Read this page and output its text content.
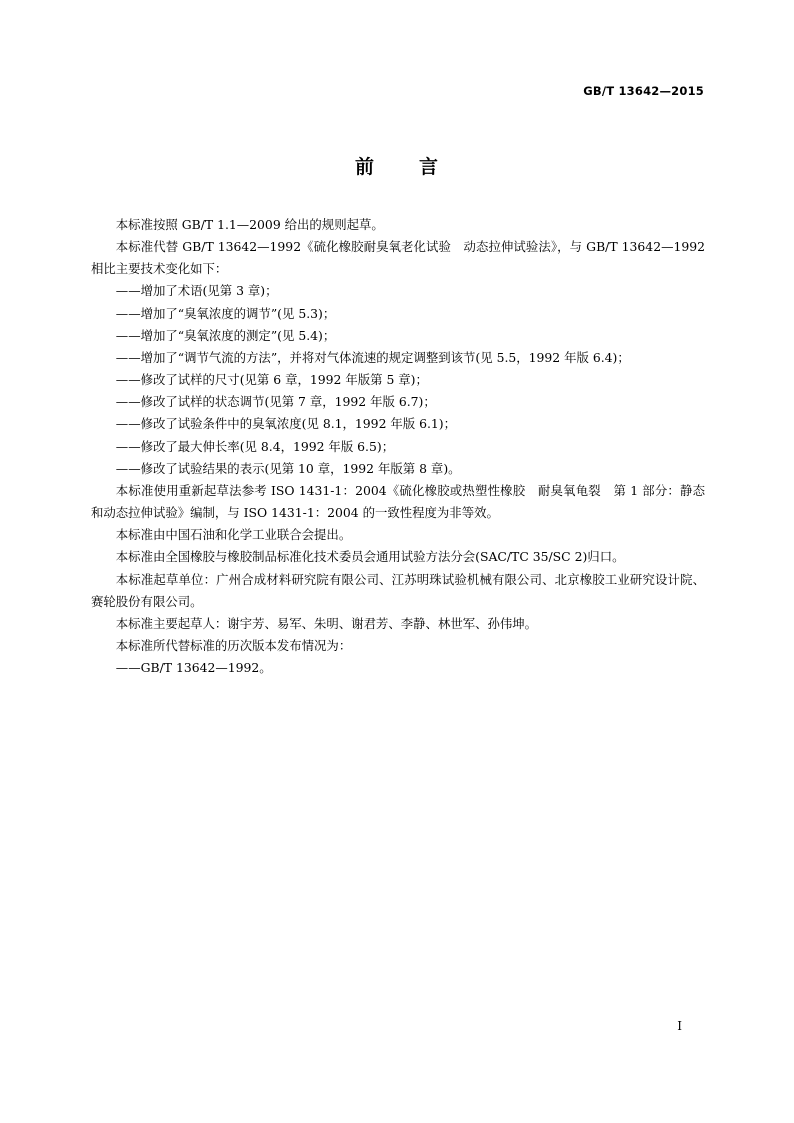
GB/T 13642—2015
前 言

本标准按照 GB/T 1.1—2009 给出的规则起草。

本标准代替 GB/T 13642—1992《硫化橡胶耐臭氧老化试验　动态拉伸试验法》，与 GB/T 13642—1992 相比主要技术变化如下：

——增加了术语(见第 3 章)；

——增加了“臭氧浓度的调节”(见 5.3)；

——增加了“臭氧浓度的测定”(见 5.4)；

——增加了“调节气流的方法”，并将对气体流速的规定调整到该节(见 5.5，1992 年版 6.4)；

——修改了试样的尺寸(见第 6 章，1992 年版第 5 章)；

——修改了试样的状态调节(见第 7 章，1992 年版 6.7)；

——修改了试验条件中的臭氧浓度(见 8.1，1992 年版 6.1)；

——修改了最大伸长率(见 8.4，1992 年版 6.5)；

——修改了试验结果的表示(见第 10 章，1992 年版第 8 章)。

本标准使用重新起草法参考 ISO 1431-1：2004《硫化橡胶或热塑性橡胶　耐臭氧龟裂　第 1 部分：静态和动态拉伸试验》编制，与 ISO 1431-1：2004 的一致性程度为非等效。

本标准由中国石油和化学工业联合会提出。

本标准由全国橡胶与橡胶制品标准化技术委员会通用试验方法分会(SAC/TC 35/SC 2)归口。

本标准起草单位：广州合成材料研究院有限公司、江苏明珠试验机械有限公司、北京橡胶工业研究设计院、赛轮股份有限公司。

本标准主要起草人：谢宇芳、易军、朱明、谢君芳、李静、林世军、孙伟坤。

本标准所代替标准的历次版本发布情况为：

——GB/T 13642—1992。

I
